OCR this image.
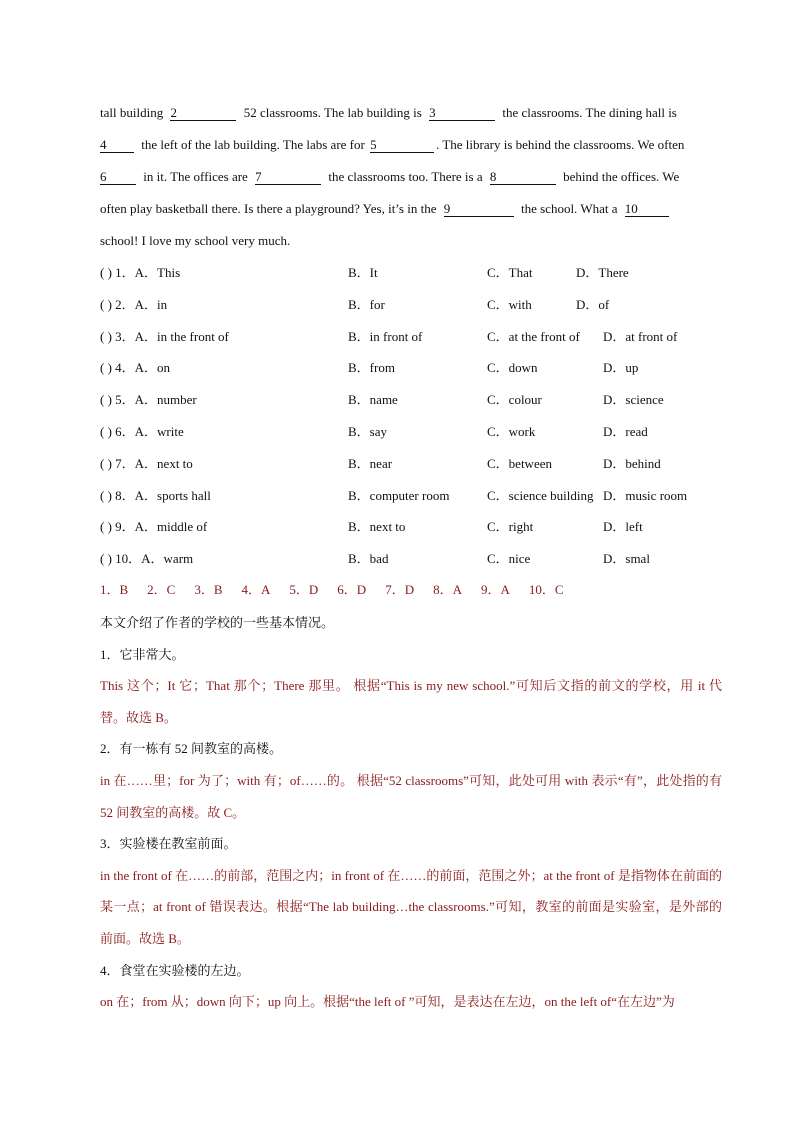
tall building 2	52 classrooms. The lab building is 3	the classrooms. The dining hall is
4	the left of the lab building. The labs are for 5	. The library is behind the classrooms. We often
6	in it. The offices are 7	the classrooms too. There is a 8	behind the offices. We
often play basketball there. Is there a playground? Yes, it’s in the 9	the school. What a 10
school! I love my school very much.
( ) 1．A．This	B．It	C．That	D．There
( ) 2．A．in	B．for	C．with	D．of
( ) 3．A．in the front of	B．in front of	C．at the front of D．at front of
( ) 4．A．on	B．from	C．down	D．up
( ) 5．A．number	B．name	C．colour	D．science
( ) 6．A．write	B．say	C．work	D．read
( ) 7．A．next to	B．near	C．between	D．behind
( ) 8．A．sports hall	B．computer room	C．science building D．music room
( ) 9．A．middle of	B．next to	C．right	D．left
( ) 10．A．warm	B．bad	C．nice	D．smal
1．B 2．C 3．B 4．A 5．D 6．D 7．D 8．A 9．A 10．C
本文介绍了作者的学校的一些基本情况。
1．它非常大。
This 这个；It 它；That 那个；There 那里。 根据“This is my new school.”可知后文指的前文的学校，用 it 代替。故选 B。
2．有一栋有 52 间教室的高楼。
in 在……里；for 为了；with 有；of……的。 根据“52 classrooms”可知，此处可用 with 表示“有”，此处指的有 52 间教室的高楼。故 C。
3．实验楼在教室前面。
in the front of 在……的前部，范围之内；in front of 在……的前面，范围之外；at the front of 是指物体在前面的某一点；at front of 错误表达。根据“The lab building…the classrooms.”可知，教室的前面是实验室，是外部的前面。故选 B。
4．食堂在实验楼的左边。
on 在；from 从；down 向下；up 向上。根据“the left of ”可知，是表达在左边，on the left of“在左边”为
